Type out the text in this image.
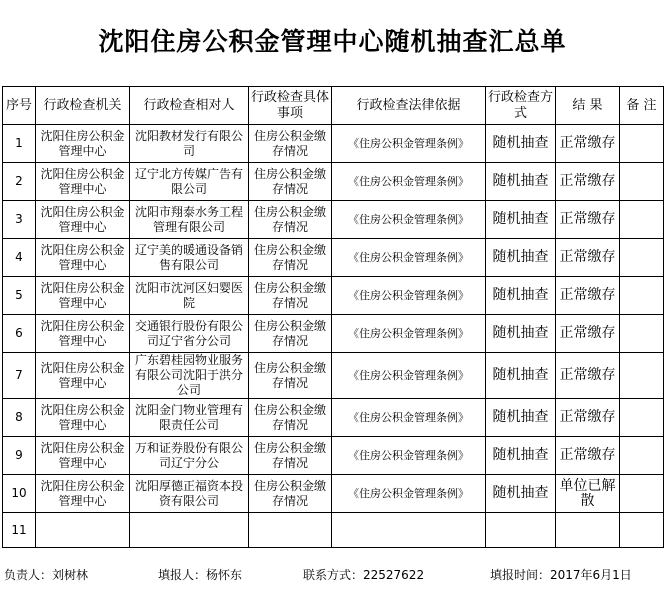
沈阳住房公积金管理中心随机抽查汇总单
序号	行政检查机关	行政检查相对人	行政检查具体事项	行政检查法律依据	行政检查方式	结 果	备 注
1	沈阳住房公积金管理中心	沈阳教材发行有限公司	住房公积金缴存情况	《住房公积金管理条例》	随机抽查	正常缴存	
2	沈阳住房公积金管理中心	辽宁北方传媒广告有限公司	住房公积金缴存情况	《住房公积金管理条例》	随机抽查	正常缴存	
3	沈阳住房公积金管理中心	沈阳市翔泰水务工程管理有限公司	住房公积金缴存情况	《住房公积金管理条例》	随机抽查	正常缴存	
4	沈阳住房公积金管理中心	辽宁美的暖通设备销售有限公司	住房公积金缴存情况	《住房公积金管理条例》	随机抽查	正常缴存	
5	沈阳住房公积金管理中心	沈阳市沈河区妇婴医院	住房公积金缴存情况	《住房公积金管理条例》	随机抽查	正常缴存	
6	沈阳住房公积金管理中心	交通银行股份有限公司辽宁省分公司	住房公积金缴存情况	《住房公积金管理条例》	随机抽查	正常缴存	
7	沈阳住房公积金管理中心	广东碧桂园物业服务有限公司沈阳于洪分公司	住房公积金缴存情况	《住房公积金管理条例》	随机抽查	正常缴存	
8	沈阳住房公积金管理中心	沈阳金门物业管理有限责任公司	住房公积金缴存情况	《住房公积金管理条例》	随机抽查	正常缴存	
9	沈阳住房公积金管理中心	万和证券股份有限公司辽宁分公	住房公积金缴存情况	《住房公积金管理条例》	随机抽查	正常缴存	
10	沈阳住房公积金管理中心	沈阳厚德正福资本投资有限公司	住房公积金缴存情况	《住房公积金管理条例》	随机抽查	单位已解散	
11							
负责人：刘树林	填报人：杨怀东	联系方式：22527622	填报时间：2017年6月1日
